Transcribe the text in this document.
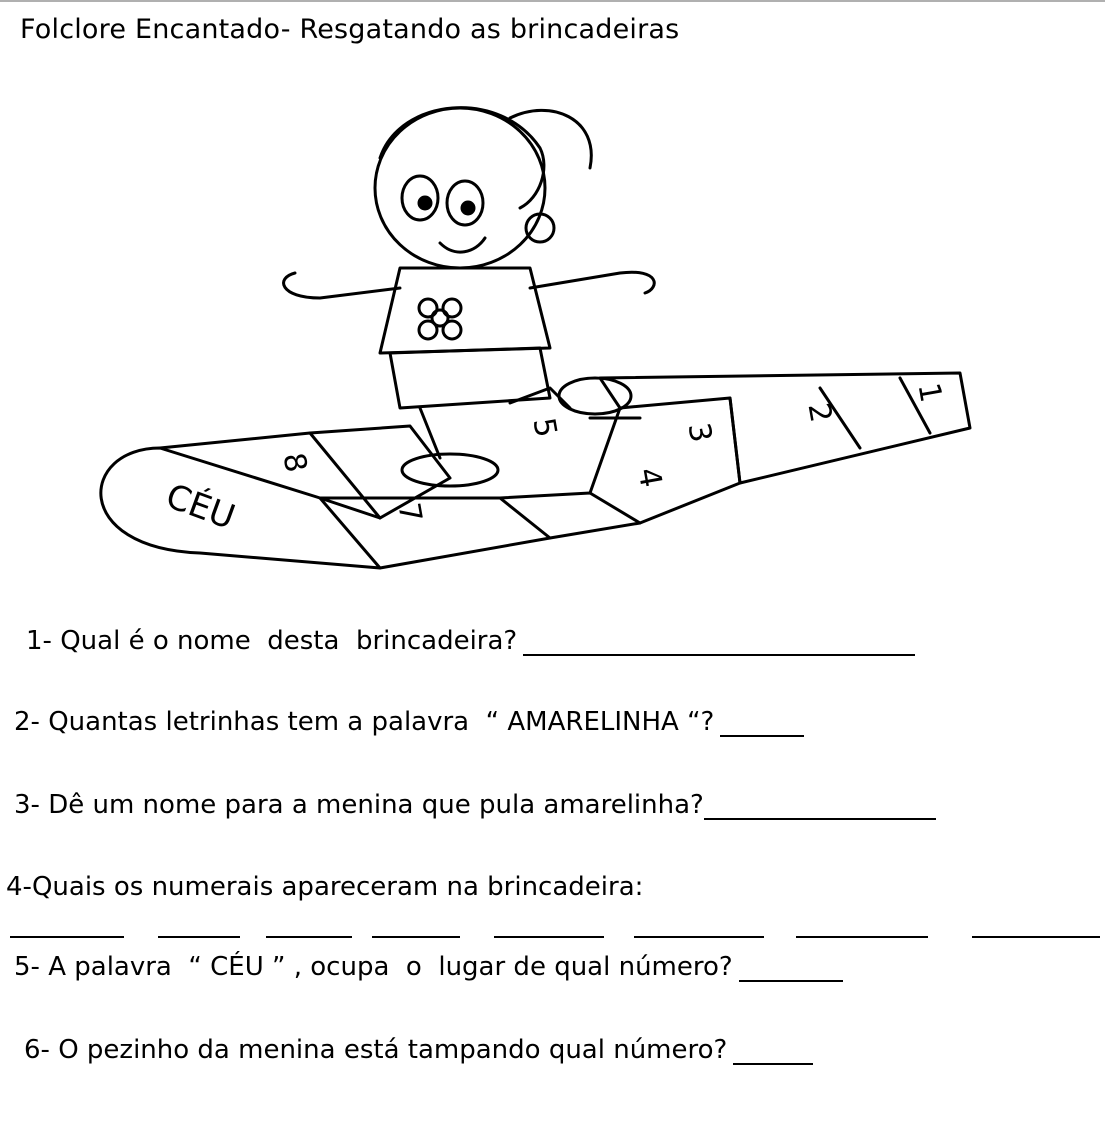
Folclore Encantado- Resgatando as brincadeiras
8
7
5
4
3
2
1
CÉU
1-
Qual é o nome  desta  brincadeira?
2-
Quantas letrinhas tem a palavra  “ AMARELINHA “?
3-
Dê um nome para a menina que pula amarelinha?
4- Quais os numerais apareceram na brincadeira:
5-
A palavra  “ CÉU ” , ocupa  o  lugar de qual número?
6-
O pezinho da menina está tampando qual número?
